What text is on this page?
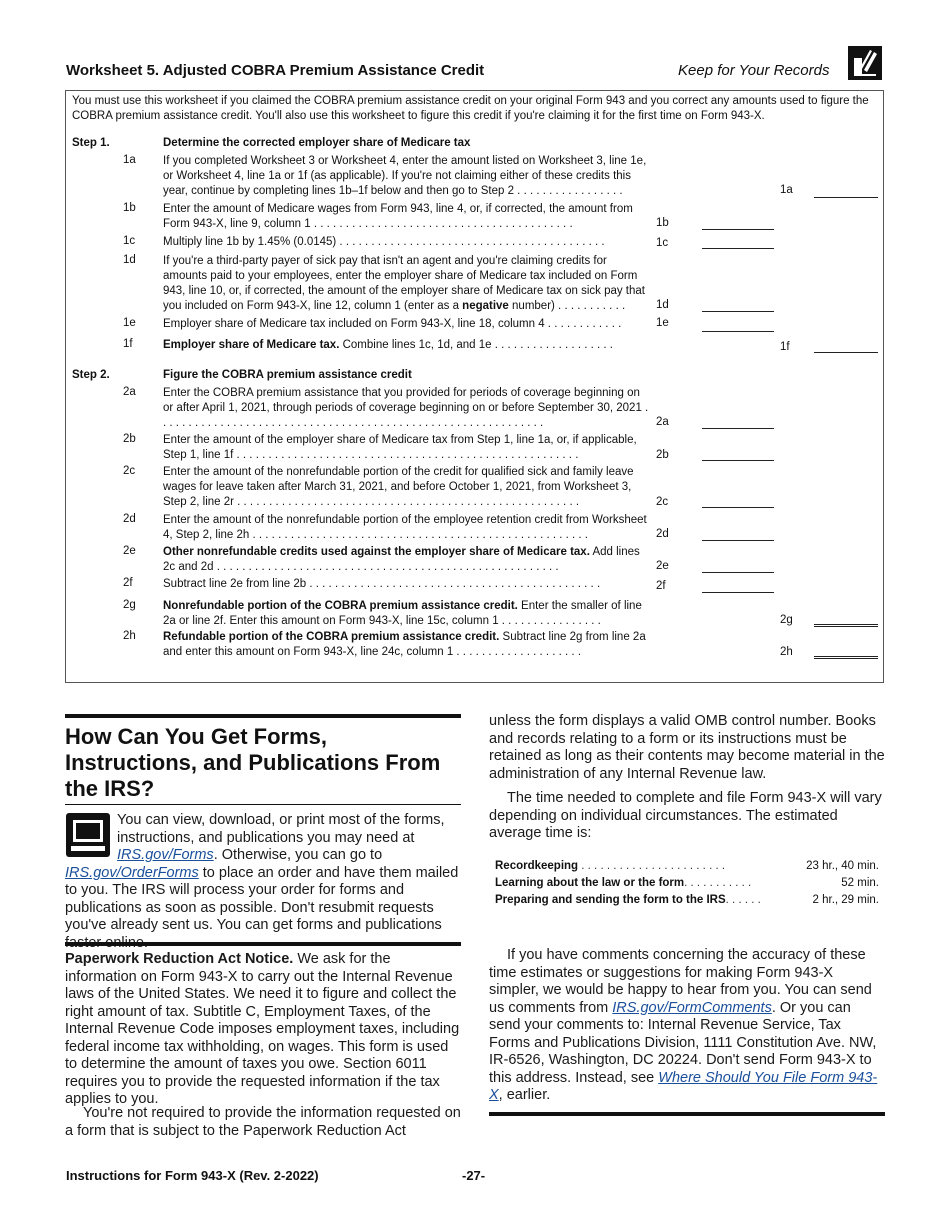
Worksheet 5. Adjusted COBRA Premium Assistance Credit	Keep for Your Records
You must use this worksheet if you claimed the COBRA premium assistance credit on your original Form 943 and you correct any amounts used to figure the COBRA premium assistance credit. You'll also use this worksheet to figure this credit if you're claiming it for the first time on Form 943-X.
Step 1.	Determine the corrected employer share of Medicare tax
1a If you completed Worksheet 3 or Worksheet 4, enter the amount listed on Worksheet 3, line 1e, or Worksheet 4, line 1a or 1f (as applicable). If you're not claiming either of these credits this year, continue by completing lines 1b–1f below and then go to Step 2 . . . . . . . . . . . . . . . . .	1a
1b Enter the amount of Medicare wages from Form 943, line 4, or, if corrected, the amount from Form 943-X, line 9, column 1 . . . . . . . . . . . . . . . . . . . . . . . . . . . . . . . . . . . . . . . . .	1b
1c Multiply line 1b by 1.45% (0.0145) . . . . . . . . . . . . . . . . . . . . . . . . . . . . . . . . . . . . . . . . . .	1c
1d If you're a third-party payer of sick pay that isn't an agent and you're claiming credits for amounts paid to your employees, enter the employer share of Medicare tax included on Form 943, line 10, or, if corrected, the amount of the employer share of Medicare tax on sick pay that you included on Form 943-X, line 12, column 1 (enter as a negative number) . . . . . . . . . . .	1d
1e Employer share of Medicare tax included on Form 943-X, line 18, column 4 . . . . . . . . . . . .	1e
1f	Employer share of Medicare tax. Combine lines 1c, 1d, and 1e . . . . . . . . . . . . . . . . . . .	1f
Step 2.	Figure the COBRA premium assistance credit
2a Enter the COBRA premium assistance that you provided for periods of coverage beginning on or after April 1, 2021, through periods of coverage beginning on or before September 30, 2021 . . . . . . . . . . . . . . . . . . . . . . . . . . . . . . . . . . . . . . . . . . . . . . . . . . . . . . . . . . . . .	2a
2b Enter the amount of the employer share of Medicare tax from Step 1, line 1a, or, if applicable, Step 1, line 1f . . . . . . . . . . . . . . . . . . . . . . . . . . . . . . . . . . . . . . . . . . . . . . . . . . . . . .	2b
2c Enter the amount of the nonrefundable portion of the credit for qualified sick and family leave wages for leave taken after March 31, 2021, and before October 1, 2021, from Worksheet 3, Step 2, line 2r . . . . . . . . . . . . . . . . . . . . . . . . . . . . . . . . . . . . . . . . . . . . . . . . . . . . . .	2c
2d Enter the amount of the nonrefundable portion of the employee retention credit from Worksheet 4, Step 2, line 2h . . . . . . . . . . . . . . . . . . . . . . . . . . . . . . . . . . . . . . . . . . . . . . . . . . . . .	2d
2e Other nonrefundable credits used against the employer share of Medicare tax. Add lines 2c and 2d . . . . . . . . . . . . . . . . . . . . . . . . . . . . . . . . . . . . . . . . . . . . . . . . . . . . . .	2e
2f	Subtract line 2e from line 2b . . . . . . . . . . . . . . . . . . . . . . . . . . . . . . . . . . . . . . . . . . . . . .	2f
2g Nonrefundable portion of the COBRA premium assistance credit. Enter the smaller of line 2a or line 2f. Enter this amount on Form 943-X, line 15c, column 1 . . . . . . . . . . . . . . . .	2g
2h Refundable portion of the COBRA premium assistance credit. Subtract line 2g from line 2a and enter this amount on Form 943-X, line 24c, column 1 . . . . . . . . . . . . . . . . . . . .	2h
How Can You Get Forms, Instructions, and Publications From the IRS?
You can view, download, or print most of the forms, instructions, and publications you may need at IRS.gov/Forms. Otherwise, you can go to IRS.gov/OrderForms to place an order and have them mailed to you. The IRS will process your order for forms and publications as soon as possible. Don't resubmit requests you've already sent us. You can get forms and publications
Paperwork Reduction Act Notice. We ask for the information on Form 943-X to carry out the Internal Revenue laws of the United States. We need it to figure and collect the right amount of tax. Subtitle C, Employment Taxes, of the Internal Revenue Code imposes employment taxes, including federal income tax withholding, on wages. This form is used to determine the amount of taxes you owe. Section 6011 requires you to provide the requested information if the tax applies to you.
You're not required to provide the information requested on a form that is subject to the Paperwork Reduction Act
unless the form displays a valid OMB control number. Books and records relating to a form or its instructions must be retained as long as their contents may become material in the administration of any Internal Revenue law.
The time needed to complete and file Form 943-X will vary depending on individual circumstances. The estimated average time is:
Recordkeeping . . . . . . . . . . . . . . . . . . . . . . .	23 hr., 40 min.
Learning about the law or the form. . . . . . . . . . .	52 min.
Preparing and sending the form to the IRS. . . . . .	2 hr., 29 min.
If you have comments concerning the accuracy of these time estimates or suggestions for making Form 943-X simpler, we would be happy to hear from you. You can send us comments from IRS.gov/FormComments. Or you can send your comments to: Internal Revenue Service, Tax Forms and Publications Division, 1111 Constitution Ave. NW, IR-6526, Washington, DC 20224. Don't send Form 943-X to this address. Instead, see Where Should You File Form 943-X, earlier.
Instructions for Form 943-X (Rev. 2-2022)	-27-
